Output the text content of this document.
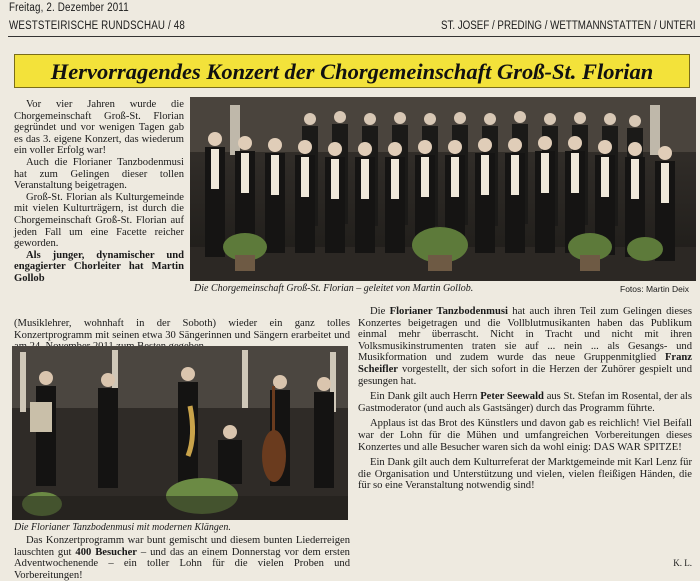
Freitag, 2. Dezember 2011
WESTSTEIRISCHE RUNDSCHAU / 48	ST. JOSEF / PREDING / WETTMANNSTÄTTEN / UNTERI
Hervorragendes Konzert der Chorgemeinschaft Groß-St. Florian

Vor vier Jahren wurde die Chorgemeinschaft Groß-St. Florian gegründet und vor wenigen Tagen gab es das 3. eigene Konzert, das wiederum ein voller Erfolg war!

Auch die Florianer Tanzbodenmusi hat zum Gelingen dieser tollen Veranstaltung beigetragen.

Groß-St. Florian als Kulturgemeinde mit vielen Kulturträgern, ist durch die Chorgemeinschaft Groß-St. Florian auf jeden Fall um eine Facette reicher geworden.

Als junger, dynamischer und engagierter Chorleiter hat Martin Gollob

(Musiklehrer, wohnhaft in der Soboth) wieder ein ganz tolles Konzertprogramm mit seinen etwa 30 Sängerinnen und Sängern erarbeitet und
Die Chorgemeinschaft Groß-St. Florian – geleitet von Martin Gollob.	Fotos: Martin Deix
Die Florianer Tanzbodenmusi mit modernen Klängen.

Das Konzertprogramm war bunt gemischt und diesem bunten Liederreigen lauschten gut 400 Besucher – und das an einem Donnerstag vor dem ersten Adventwochenende – ein toller Lohn für die vielen Proben und Vorbereitungen!

Die Florianer Tanzbodenmusi hat auch ihren Teil zum Gelingen dieses Konzertes beigetragen und die Vollblutmusikanten haben das Publikum einmal mehr überrascht. Nicht in Tracht und nicht mit ihren Volksmusikinstrumenten traten sie auf ... nein ... als Gesangs- und Musikformation und zudem wurde das neue Gruppenmitglied Franz Scheifler vorgestellt, der sich sofort in die Herzen der Zuhörer gespielt und gesungen hat.

Ein Dank gilt auch Herrn Peter Seewald aus St. Stefan im Rosental, der als Gastmoderator (und auch als Gastsänger) durch das Programm führte.

Applaus ist das Brot des Künstlers und davon gab es reichlich! Viel Beifall war der Lohn für die Mühen und umfangreichen Vorbereitungen dieses Konzertes und alle Besucher waren sich da wohl einig: DAS WAR SPITZE!

Ein Dank gilt auch dem Kulturreferat der Marktgemeinde mit Karl Lenz für die Organisation und Unterstützung und vielen, vielen fleißigen Händen, die für so eine Veranstaltung notwendig sind!

K. L.
